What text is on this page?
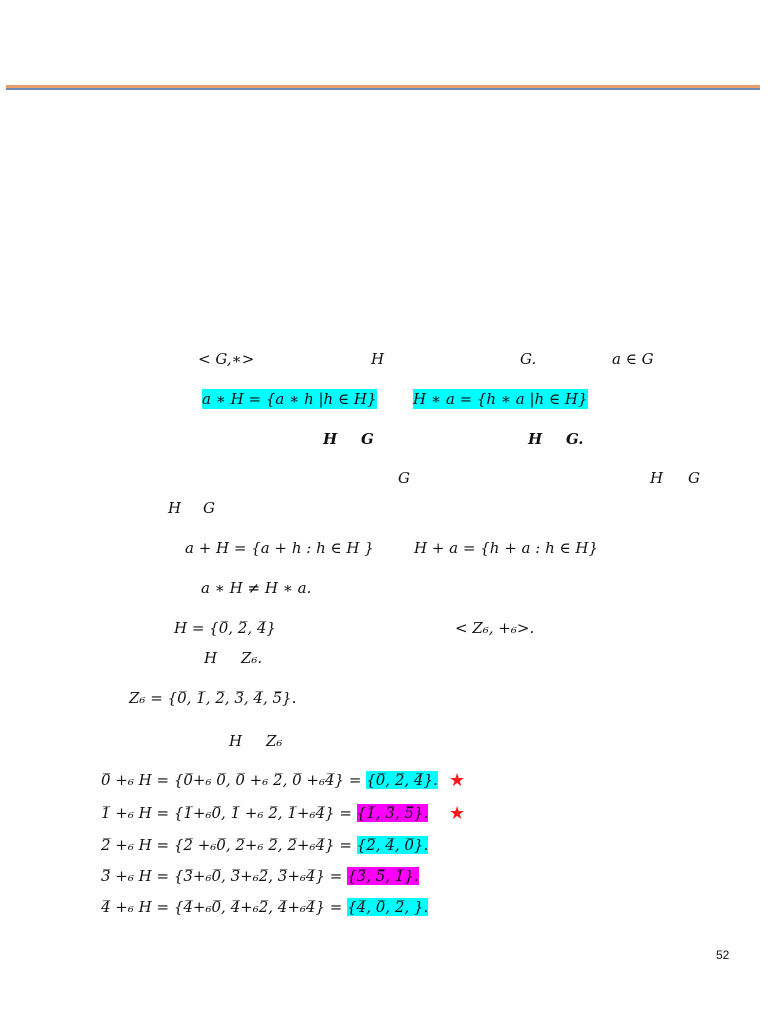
< G,∗>	H	G.	a ∈ G
a ∗ H = {a ∗ h |h ∈ H} H ∗ a = {h ∗ a |h ∈ H}
H G	H G.
G	H G
H G
a + H = {a + h : h ∈ H }	H + a = {h + a : h ∈ H}
a ∗ H ≠ H ∗ a.
H = {0̅, 2̅, 4̅}	< Z₆, +₆>.
H Z₆.
Z₆ = {0̅, 1̅, 2̅, 3̅, 4̅, 5̅}.
H Z₆
0̅ +₆ H = {0̅+₆ 0̅, 0̅ +₆ 2̅, 0̅ +₆4̅} = {0̅, 2̅, 4̅}. ★
1̅ +₆ H = {1̅+₆0̅, 1̅ +₆ 2̅, 1̅+₆4̅} = {1̅, 3̅, 5̅}. ★
2̅ +₆ H = {2̅ +₆0̅, 2̅+₆ 2̅, 2̅+₆4̅} = {2̅, 4̅, 0̅}.
3̅ +₆ H = {3̅+₆0̅, 3̅+₆2̅, 3̅+₆4̅} = {3̅, 5̅, 1̅}.
4̅ +₆ H = {4̅+₆0̅, 4̅+₆2̅, 4̅+₆4̅} = {4̅, 0̅, 2̅, }.
52
